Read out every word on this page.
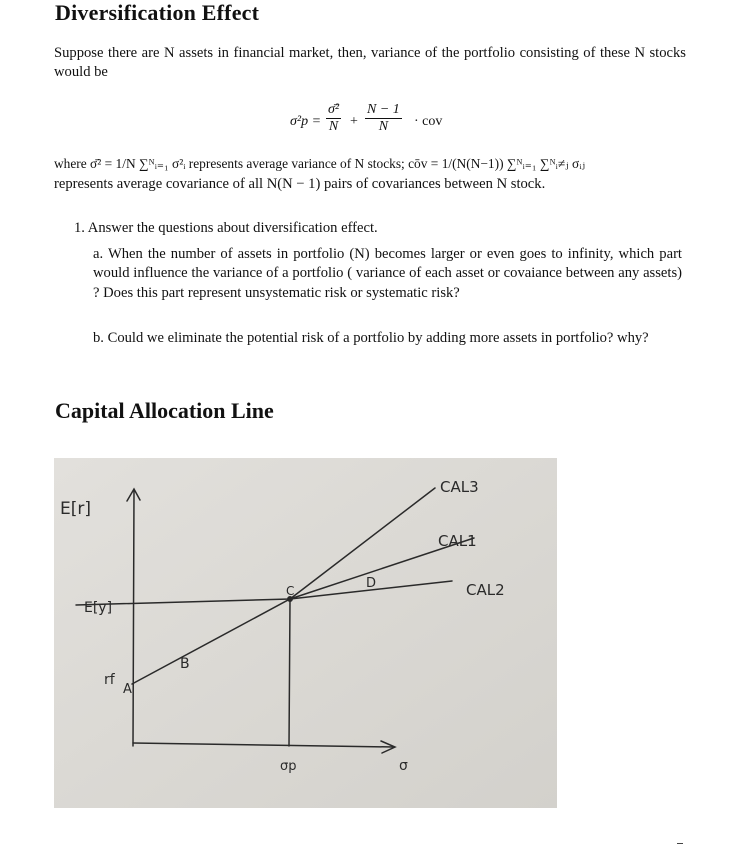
Diversification Effect

Suppose there are N assets in financial market, then, variance of the portfolio consisting of these N stocks would be

$\sigma^2p = \frac{\text{σ̄²}}{N} + \frac{N - 1}{N}$ · cov
where σ̄² = 1/N ∑ᴺᵢ₌₁ σ²ᵢ represents average variance of N stocks; cōv = 1/(N(N−1)) ∑ᴺᵢ₌₁ ∑ᴺᵢ≠ⱼ σᵢⱼ
represents average covariance of all N(N − 1) pairs of covariances between N stock.
1. Answer the questions about diversification effect.
a. When the number of assets in portfolio (N) becomes larger or even goes to infinity, which part would influence the variance of a portfolio ( variance of each asset or covaiance between any assets) ? Does this part represent unsystematic risk or systematic risk?
b. Could we eliminate the potential risk of a portfolio by adding more assets in portfolio? why?
Capital Allocation Line
E[r]
E[y]
rf
A
B
C	D
σp	σ
CAL3
CAL1
CAL2
